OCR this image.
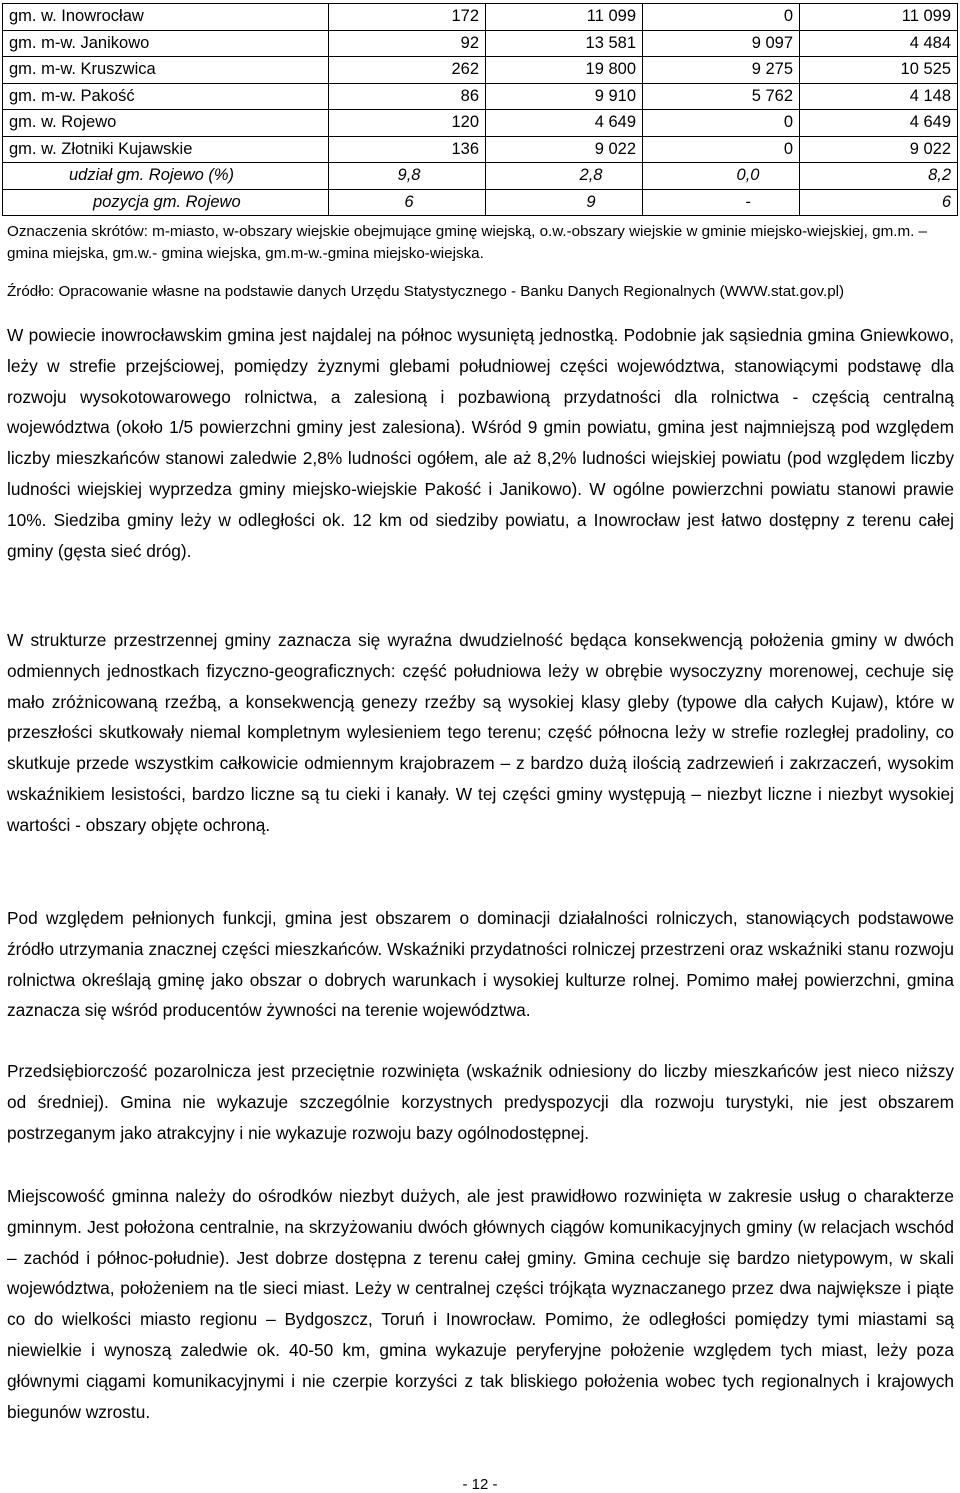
gm. w. Inowrocław	172	11 099	0	11 099
gm. m-w. Janikowo	92	13 581	9 097	4 484
gm. m-w. Kruszwica	262	19 800	9 275	10 525
gm. m-w. Pakość	86	9 910	5 762	4 148
gm. w. Rojewo	120	4 649	0	4 649
gm. w. Złotniki Kujawskie	136	9 022	0	9 022
udział gm. Rojewo (%)	9,8	2,8	0,0	8,2
pozycja gm. Rojewo	6	9	-	6
Oznaczenia skrótów: m-miasto, w-obszary wiejskie obejmujące gminę wiejską, o.w.-obszary wiejskie w gminie miejsko-wiejskiej, gm.m. – gmina miejska, gm.w.- gmina wiejska, gm.m-w.-gmina miejsko-wiejska.
Źródło: Opracowanie własne na podstawie danych Urzędu Statystycznego - Banku Danych Regionalnych (WWW.stat.gov.pl)

W powiecie inowrocławskim gmina jest najdalej na północ wysuniętą jednostką. Podobnie jak sąsiednia gmina Gniewkowo, leży w strefie przejściowej, pomiędzy żyznymi glebami południowej części województwa, stanowiącymi podstawę dla rozwoju wysokotowarowego rolnictwa, a zalesioną i pozbawioną przydatności dla rolnictwa - częścią centralną województwa (około 1/5 powierzchni gminy jest zalesiona). Wśród 9 gmin powiatu, gmina jest najmniejszą pod względem liczby mieszkańców stanowi zaledwie 2,8% ludności ogółem, ale aż 8,2% ludności wiejskiej powiatu (pod względem liczby ludności wiejskiej wyprzedza gminy miejsko-wiejskie Pakość i Janikowo). W ogólne powierzchni powiatu stanowi prawie 10%. Siedziba gminy leży w odległości ok. 12 km od siedziby powiatu, a Inowrocław jest łatwo dostępny z terenu całej gminy (gęsta sieć dróg).

W strukturze przestrzennej gminy zaznacza się wyraźna dwudzielność będąca konsekwencją położenia gminy w dwóch odmiennych jednostkach fizyczno-geograficznych: część południowa leży w obrębie wysoczyzny morenowej, cechuje się mało zróżnicowaną rzeźbą, a konsekwencją genezy rzeźby są wysokiej klasy gleby (typowe dla całych Kujaw), które w przeszłości skutkowały niemal kompletnym wylesieniem tego terenu; część północna leży w strefie rozległej pradoliny, co skutkuje przede wszystkim całkowicie odmiennym krajobrazem – z bardzo dużą ilością zadrzewień i zakrzaczeń, wysokim wskaźnikiem lesistości, bardzo liczne są tu cieki i kanały. W tej części gminy występują – niezbyt liczne i niezbyt wysokiej wartości - obszary objęte ochroną.

Pod względem pełnionych funkcji, gmina jest obszarem o dominacji działalności rolniczych, stanowiących podstawowe źródło utrzymania znacznej części mieszkańców. Wskaźniki przydatności rolniczej przestrzeni oraz wskaźniki stanu rozwoju rolnictwa określają gminę jako obszar o dobrych warunkach i wysokiej kulturze rolnej. Pomimo małej powierzchni, gmina zaznacza się wśród producentów żywności na terenie województwa.

Przedsiębiorczość pozarolnicza jest przeciętnie rozwinięta (wskaźnik odniesiony do liczby mieszkańców jest nieco niższy od średniej). Gmina nie wykazuje szczególnie korzystnych predyspozycji dla rozwoju turystyki, nie jest obszarem postrzeganym jako atrakcyjny i nie wykazuje rozwoju bazy ogólnodostępnej.

Miejscowość gminna należy do ośrodków niezbyt dużych, ale jest prawidłowo rozwinięta w zakresie usług o charakterze gminnym. Jest położona centralnie, na skrzyżowaniu dwóch głównych ciągów komunikacyjnych gminy (w relacjach wschód – zachód i północ-południe). Jest dobrze dostępna z terenu całej gminy. Gmina cechuje się bardzo nietypowym, w skali województwa, położeniem na tle sieci miast. Leży w centralnej części trójkąta wyznaczanego przez dwa największe i piąte co do wielkości miasto regionu – Bydgoszcz, Toruń i Inowrocław. Pomimo, że odległości pomiędzy tymi miastami są niewielkie i wynoszą zaledwie ok. 40-50 km, gmina wykazuje peryferyjne położenie względem tych miast, leży poza głównymi ciągami komunikacyjnymi i nie czerpie korzyści z tak bliskiego położenia wobec tych regionalnych i krajowych biegunów wzrostu.

- 12 -
